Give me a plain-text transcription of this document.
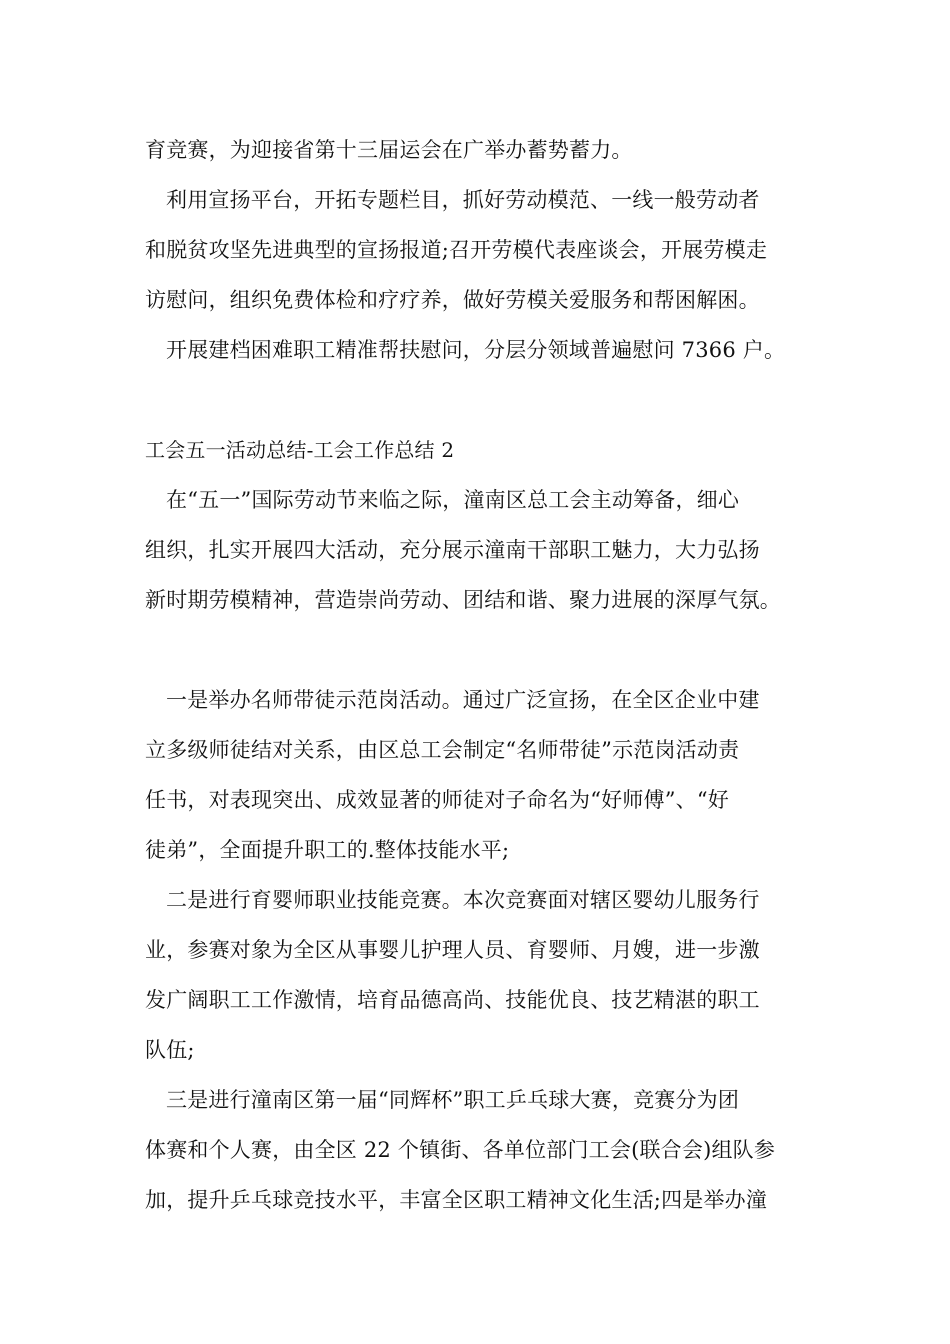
育竞赛，为迎接省第十三届运会在广举办蓄势蓄力。
利用宣扬平台，开拓专题栏目，抓好劳动模范、一线一般劳动者
和脱贫攻坚先进典型的宣扬报道;召开劳模代表座谈会，开展劳模走
访慰问，组织免费体检和疗疗养，做好劳模关爱服务和帮困解困。
开展建档困难职工精准帮扶慰问，分层分领域普遍慰问 7366 户。
工会五一活动总结-工会工作总结 2
在“五一”国际劳动节来临之际，潼南区总工会主动筹备，细心
组织，扎实开展四大活动，充分展示潼南干部职工魅力，大力弘扬
新时期劳模精神，营造崇尚劳动、团结和谐、聚力进展的深厚气氛。
一是举办名师带徒示范岗活动。通过广泛宣扬，在全区企业中建
立多级师徒结对关系，由区总工会制定“名师带徒”示范岗活动责
任书，对表现突出、成效显著的师徒对子命名为“好师傅”、“好
徒弟”，全面提升职工的.整体技能水平;
二是进行育婴师职业技能竞赛。本次竞赛面对辖区婴幼儿服务行
业，参赛对象为全区从事婴儿护理人员、育婴师、月嫂，进一步激
发广阔职工工作激情，培育品德高尚、技能优良、技艺精湛的职工
队伍;
三是进行潼南区第一届“同辉杯”职工乒乓球大赛，竞赛分为团
体赛和个人赛，由全区 22 个镇街、各单位部门工会(联合会)组队参
加，提升乒乓球竞技水平，丰富全区职工精神文化生活;四是举办潼
